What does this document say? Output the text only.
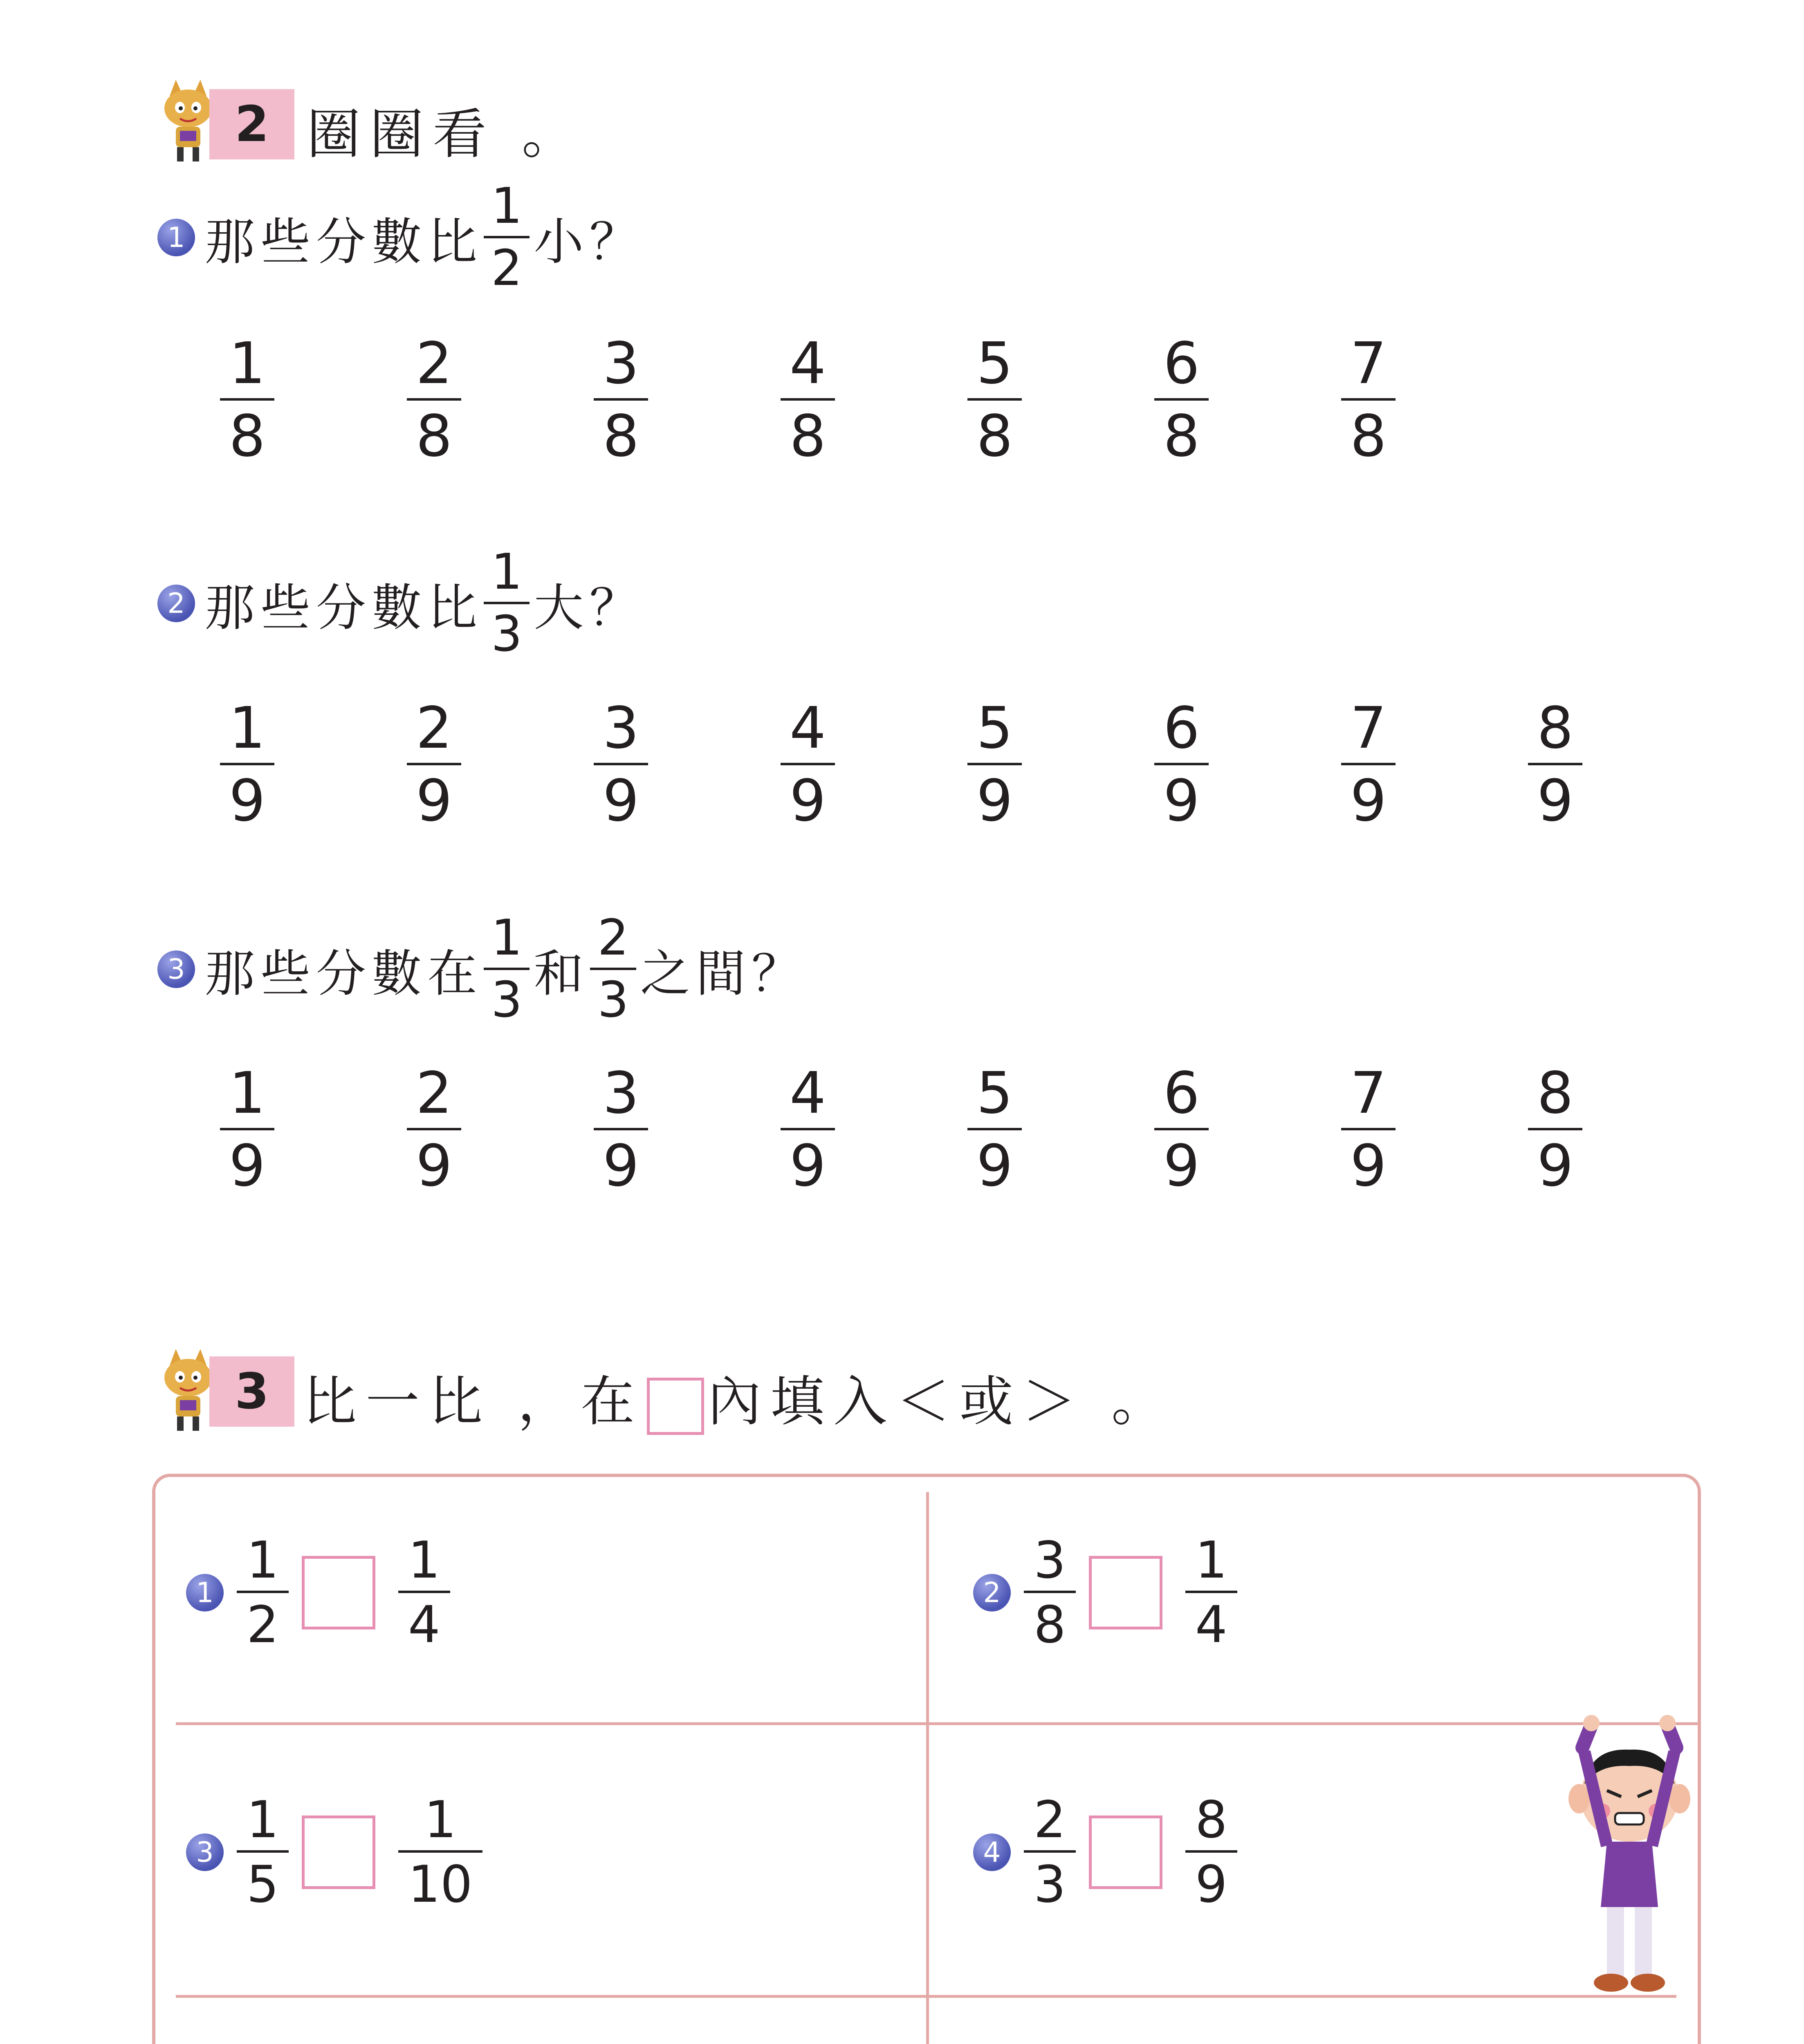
2 圈圈看 。
1 那些分數比
1
2 小？
1
8
2
8
3
8
4
8
5
8
6
8
7
8
2 那些分數比
1
3 大？
1
9
2
9
3
9
4
9
5
9
6
9
7
9
8
9
3 那些分數在
1
3 和
2
3 之間？
1
9
2
9
3
9
4
9
5
9
6
9
7
9
8
9
3 比一比 ，在 內填入＜或＞ 。
1
1
2
1
4
2
3
8
1
4
3
1
5
1
10
4
2
3
8
9
